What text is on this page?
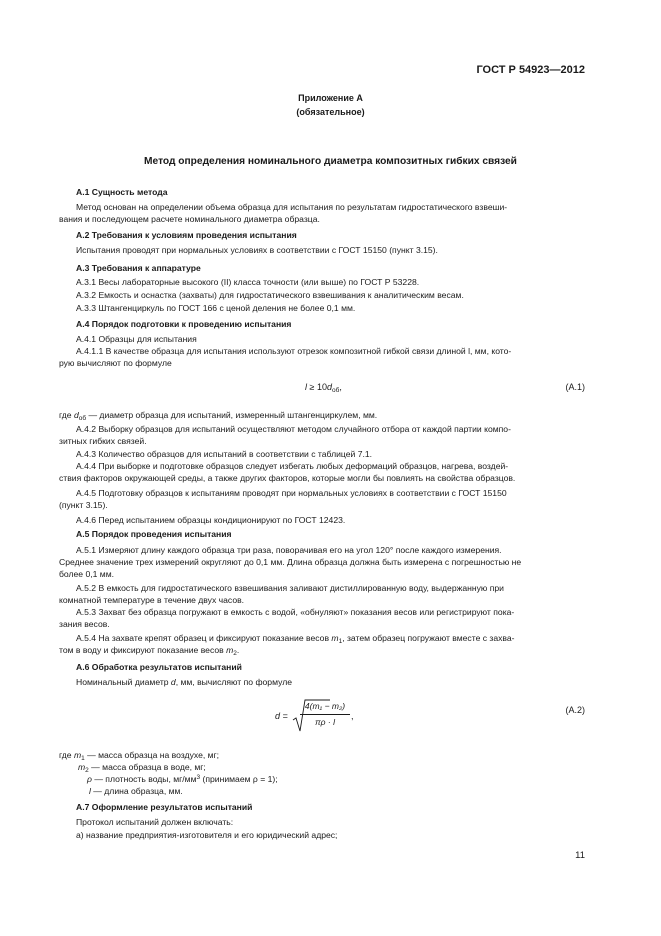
ГОСТ Р 54923—2012
Приложение А
(обязательное)
Метод определения номинального диаметра композитных гибких связей
А.1 Сущность метода
Метод основан на определении объема образца для испытания по результатам гидростатического взвеши-
вания и последующем расчете номинального диаметра образца.
А.2 Требования к условиям проведения испытания
Испытания проводят при нормальных условиях в соответствии с ГОСТ 15150 (пункт 3.15).
А.3 Требования к аппаратуре
А.3.1 Весы лабораторные высокого (II) класса точности (или выше) по ГОСТ Р 53228.
А.3.2 Емкость и оснастка (захваты) для гидростатического взвешивания к аналитическим весам.
А.3.3 Штангенциркуль по ГОСТ 166 с ценой деления не более 0,1 мм.
А.4 Порядок подготовки к проведению испытания
А.4.1 Образцы для испытания
А.4.1.1 В качестве образца для испытания используют отрезок композитной гибкой связи длиной l, мм, кото-
рую вычисляют по формуле
$l \ge 10d_{об}$,	(А.1)
где $d_{об}$ — диаметр образца для испытаний, измеренный штангенциркулем, мм.
А.4.2 Выборку образцов для испытаний осуществляют методом случайного отбора от каждой партии компо-
зитных гибких связей.
А.4.3 Количество образцов для испытаний в соответствии с таблицей 7.1.
А.4.4 При выборке и подготовке образцов следует избегать любых деформаций образцов, нагрева, воздей-
ствия факторов окружающей среды, а также других факторов, которые могли бы повлиять на свойства образцов.
А.4.5 Подготовку образцов к испытаниям проводят при нормальных условиях в соответствии с ГОСТ 15150
(пункт 3.15).
А.4.6 Перед испытанием образцы кондиционируют по ГОСТ 12423.
А.5 Порядок проведения испытания
А.5.1 Измеряют длину каждого образца три раза, поворачивая его на угол 120° после каждого измерения.
Среднее значение трех измерений округляют до 0,1 мм. Длина образца должна быть измерена с погрешностью не
более 0,1 мм.
А.5.2 В емкость для гидростатического взвешивания заливают дистиллированную воду, выдержанную при
комнатной температуре в течение двух часов.
А.5.3 Захват без образца погружают в емкость с водой, «обнуляют» показания весов или регистрируют пока-
зания весов.
А.5.4 На захвате крепят образец и фиксируют показание весов $m_1$, затем образец погружают вместе с захва-
том в воду и фиксируют показание весов $m_2$.
А.6 Обработка результатов испытаний
Номинальный диаметр d, мм, вычисляют по формуле
d =
4(m₁ − m₂)
πρ · l
,
(А.2)
где $m_1$ — масса образца на воздухе, мг;
$m_2$ — масса образца в воде, мг;
ρ — плотность воды, $мг/мм^3$ (принимаем ρ = 1);
l — длина образца, мм.
А.7 Оформление результатов испытаний
Протокол испытаний должен включать:
а) название предприятия-изготовителя и его юридический адрес;
11
